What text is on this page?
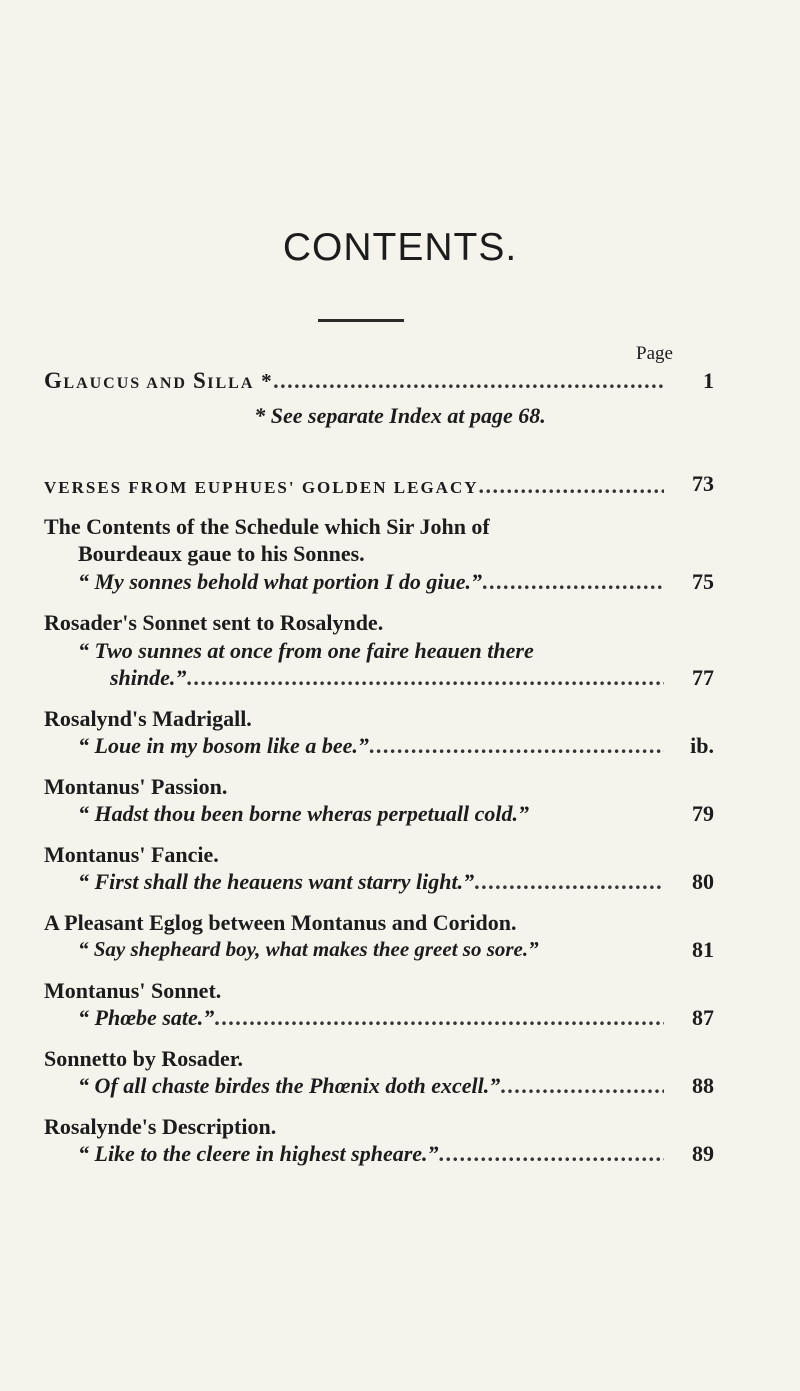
CONTENTS.
Page
GLAUCUS AND SILLA * . . .	1
* See separate Index at page 68.
VERSES FROM EUPHUES' GOLDEN LEGACY . . .	73
The Contents of the Schedule which Sir John of
Bourdeaux gaue to his Sonnes.
“ My sonnes behold what portion I do giue.” . . .	75
Rosader's Sonnet sent to Rosalynde.
“ Two sunnes at once from one faire heauen there
shinde.” . . .	77
Rosalynd's Madrigall.
“ Loue in my bosom like a bee.” . . .	ib.
Montanus' Passion.
“ Hadst thou been borne wheras perpetuall cold.”	79
Montanus' Fancie.
“ First shall the heauens want starry light.” . . .	80
A Pleasant Eglog between Montanus and Coridon.
“ Say shepheard boy, what makes thee greet so sore.”	81
Montanus' Sonnet.
“ Phœbe sate.” . . .	87
Sonnetto by Rosader.
“ Of all chaste birdes the Phœnix doth excell.” . . .	88
Rosalynde's Description.
“ Like to the cleere in highest spheare.” . . .	89
